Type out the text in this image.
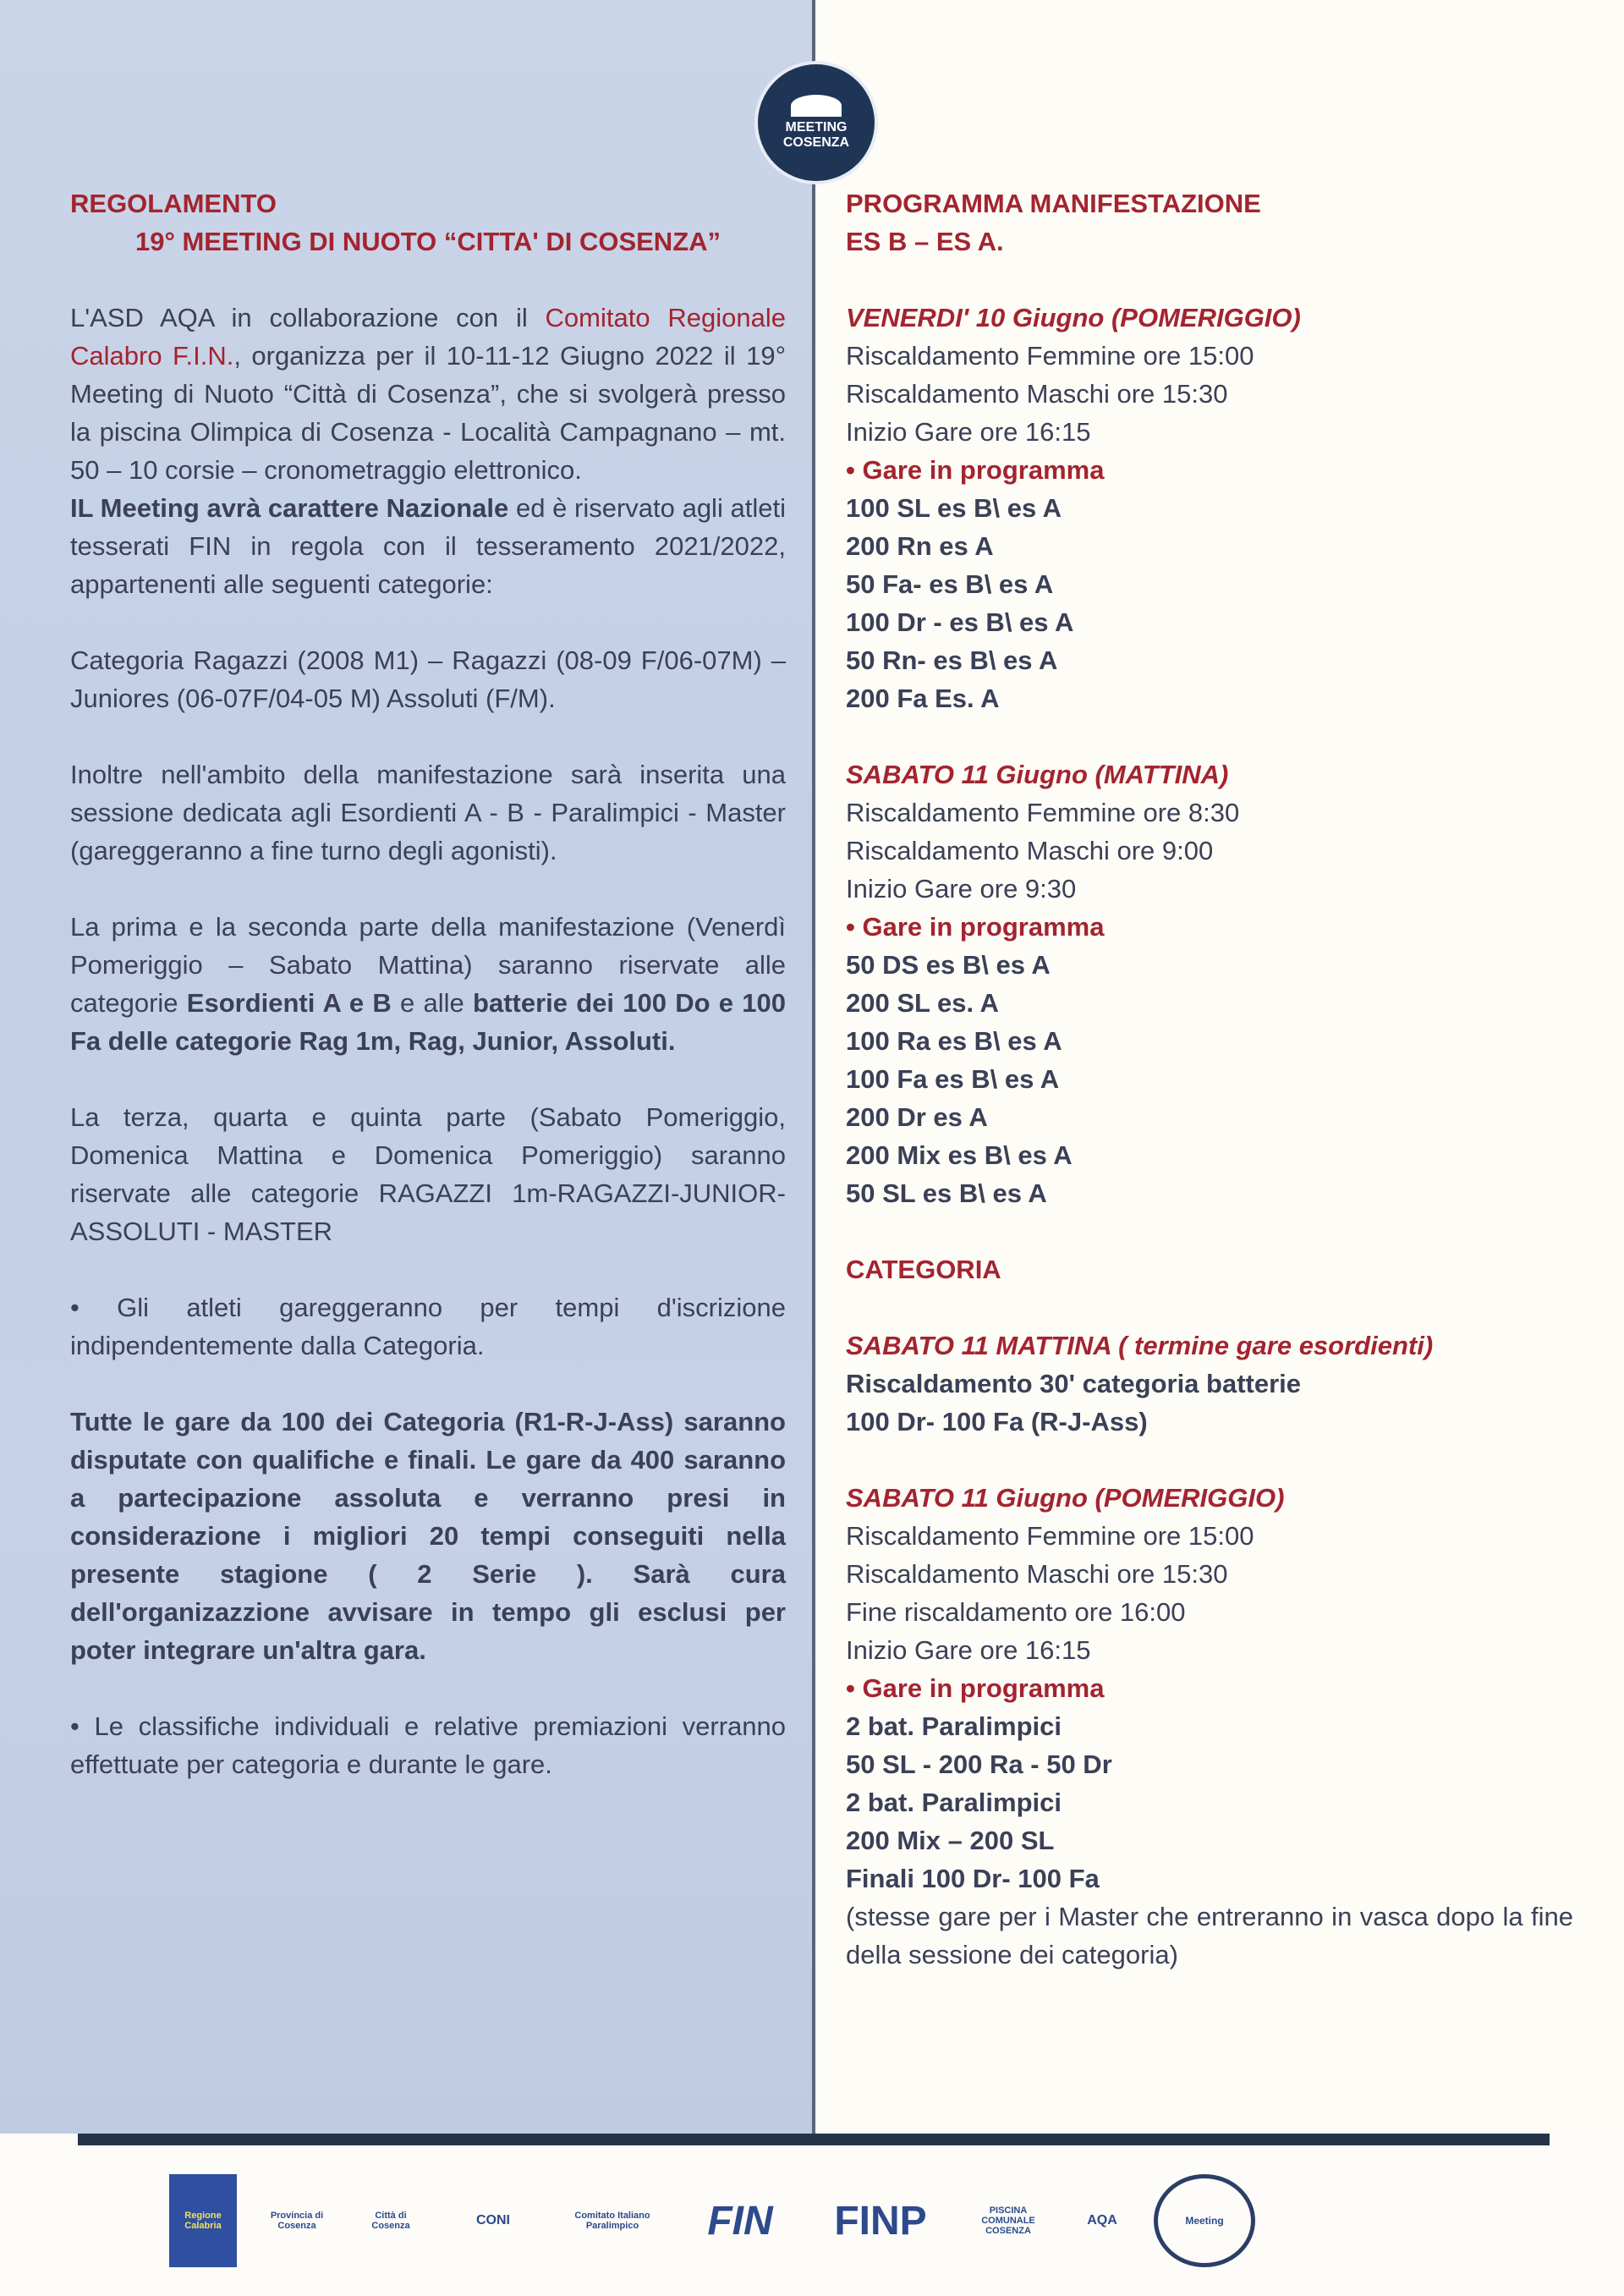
MEETING
COSENZA
REGOLAMENTO
19° MEETING DI NUOTO “CITTA' DI COSENZA”

L'ASD AQA in collaborazione con il Comitato Regionale Calabro F.I.N., organizza per il 10-11-12 Giugno 2022 il 19° Meeting di Nuoto “Città di Cosenza”, che si svolgerà presso la piscina Olimpica di Cosenza - Località Campagnano – mt. 50 – 10 corsie – cronometraggio elettronico.
IL Meeting avrà carattere Nazionale ed è riservato agli atleti tesserati FIN in regola con il tesseramento 2021/2022, appartenenti alle seguenti categorie:

Categoria Ragazzi (2008 M1) – Ragazzi (08-09 F/06-07M) – Juniores (06-07F/04-05 M) Assoluti (F/M).

Inoltre nell'ambito della manifestazione sarà inserita una sessione dedicata agli Esordienti A - B - Paralimpici - Master (gareggeranno a fine turno degli agonisti).

La prima e la seconda parte della manifestazione (Venerdì Pomeriggio – Sabato Mattina) saranno riservate alle categorie Esordienti A e B e alle batterie dei 100 Do e 100 Fa delle categorie Rag 1m, Rag, Junior, Assoluti.

La terza, quarta e quinta parte (Sabato Pomeriggio, Domenica Mattina e Domenica Pomeriggio) saranno riservate alle categorie RAGAZZI 1m-RAGAZZI-JUNIOR- ASSOLUTI - MASTER

• Gli atleti gareggeranno per tempi d'iscrizione indipendentemente dalla Categoria.

Tutte le gare da 100 dei Categoria (R1-R-J-Ass) saranno disputate con qualifiche e finali. Le gare da 400 saranno a partecipazione assoluta e verranno presi in considerazione i migliori 20 tempi conseguiti nella presente stagione ( 2 Serie ). Sarà cura dell'organizazzione avvisare in tempo gli esclusi per poter integrare un'altra gara.

• Le classifiche individuali e relative premiazioni verranno effettuate per categoria e durante le gare.

PROGRAMMA MANIFESTAZIONE
ES B – ES A.
VENERDI' 10 Giugno (POMERIGGIO)
Riscaldamento Femmine ore 15:00
Riscaldamento Maschi ore 15:30
Inizio Gare ore 16:15
• Gare in programma
100 SL es B\ es A
200 Rn es A
50 Fa- es B\ es A
100 Dr - es B\ es A
50 Rn- es B\ es A
200 Fa Es. A
SABATO 11 Giugno (MATTINA)
Riscaldamento Femmine ore 8:30
Riscaldamento Maschi ore 9:00
Inizio Gare ore 9:30
• Gare in programma
50 DS es B\ es A
200 SL es. A
100 Ra es B\ es A
100 Fa es B\ es A
200 Dr es A
200 Mix es B\ es A
50 SL es B\ es A
CATEGORIA
SABATO 11 MATTINA ( termine gare esordienti)
Riscaldamento 30' categoria batterie
100 Dr- 100 Fa (R-J-Ass)
SABATO 11 Giugno (POMERIGGIO)
Riscaldamento Femmine ore 15:00
Riscaldamento Maschi ore 15:30
Fine riscaldamento ore 16:00
Inizio Gare ore 16:15
• Gare in programma
2 bat. Paralimpici
50 SL - 200 Ra - 50 Dr
2 bat. Paralimpici
200 Mix – 200 SL
Finali 100 Dr- 100 Fa
(stesse gare per i Master che entreranno in vasca dopo la fine della sessione dei categoria)
Regione Calabria
Provincia di Cosenza
Città di Cosenza	CONI	Comitato Italiano Paralimpico	FIN	FINP	PISCINA COMUNALE COSENZA
AQA	Meeting
